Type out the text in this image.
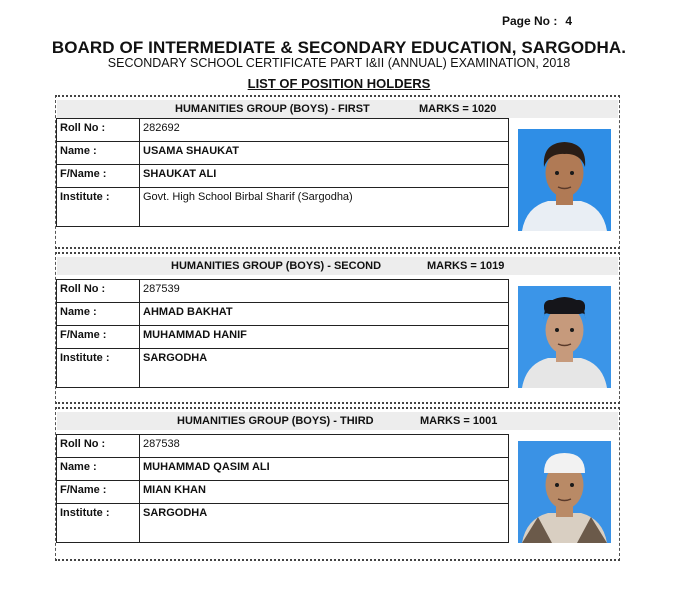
Page No : 4
BOARD OF INTERMEDIATE & SECONDARY EDUCATION, SARGODHA.
SECONDARY SCHOOL CERTIFICATE PART I&II (ANNUAL) EXAMINATION, 2018
LIST OF POSITION HOLDERS
HUMANITIES GROUP (BOYS) - FIRST	MARKS = 1020
Roll No :	282692
Name :	USAMA SHAUKAT
F/Name :	SHAUKAT ALI
Institute :	Govt. High School Birbal Sharif (Sargodha)
HUMANITIES GROUP (BOYS) - SECOND	MARKS = 1019
Roll No :	287539
Name :	AHMAD BAKHAT
F/Name :	MUHAMMAD HANIF
Institute :	SARGODHA
HUMANITIES GROUP (BOYS) - THIRD	MARKS = 1001
Roll No :	287538
Name :	MUHAMMAD QASIM ALI
F/Name :	MIAN KHAN
Institute :	SARGODHA
